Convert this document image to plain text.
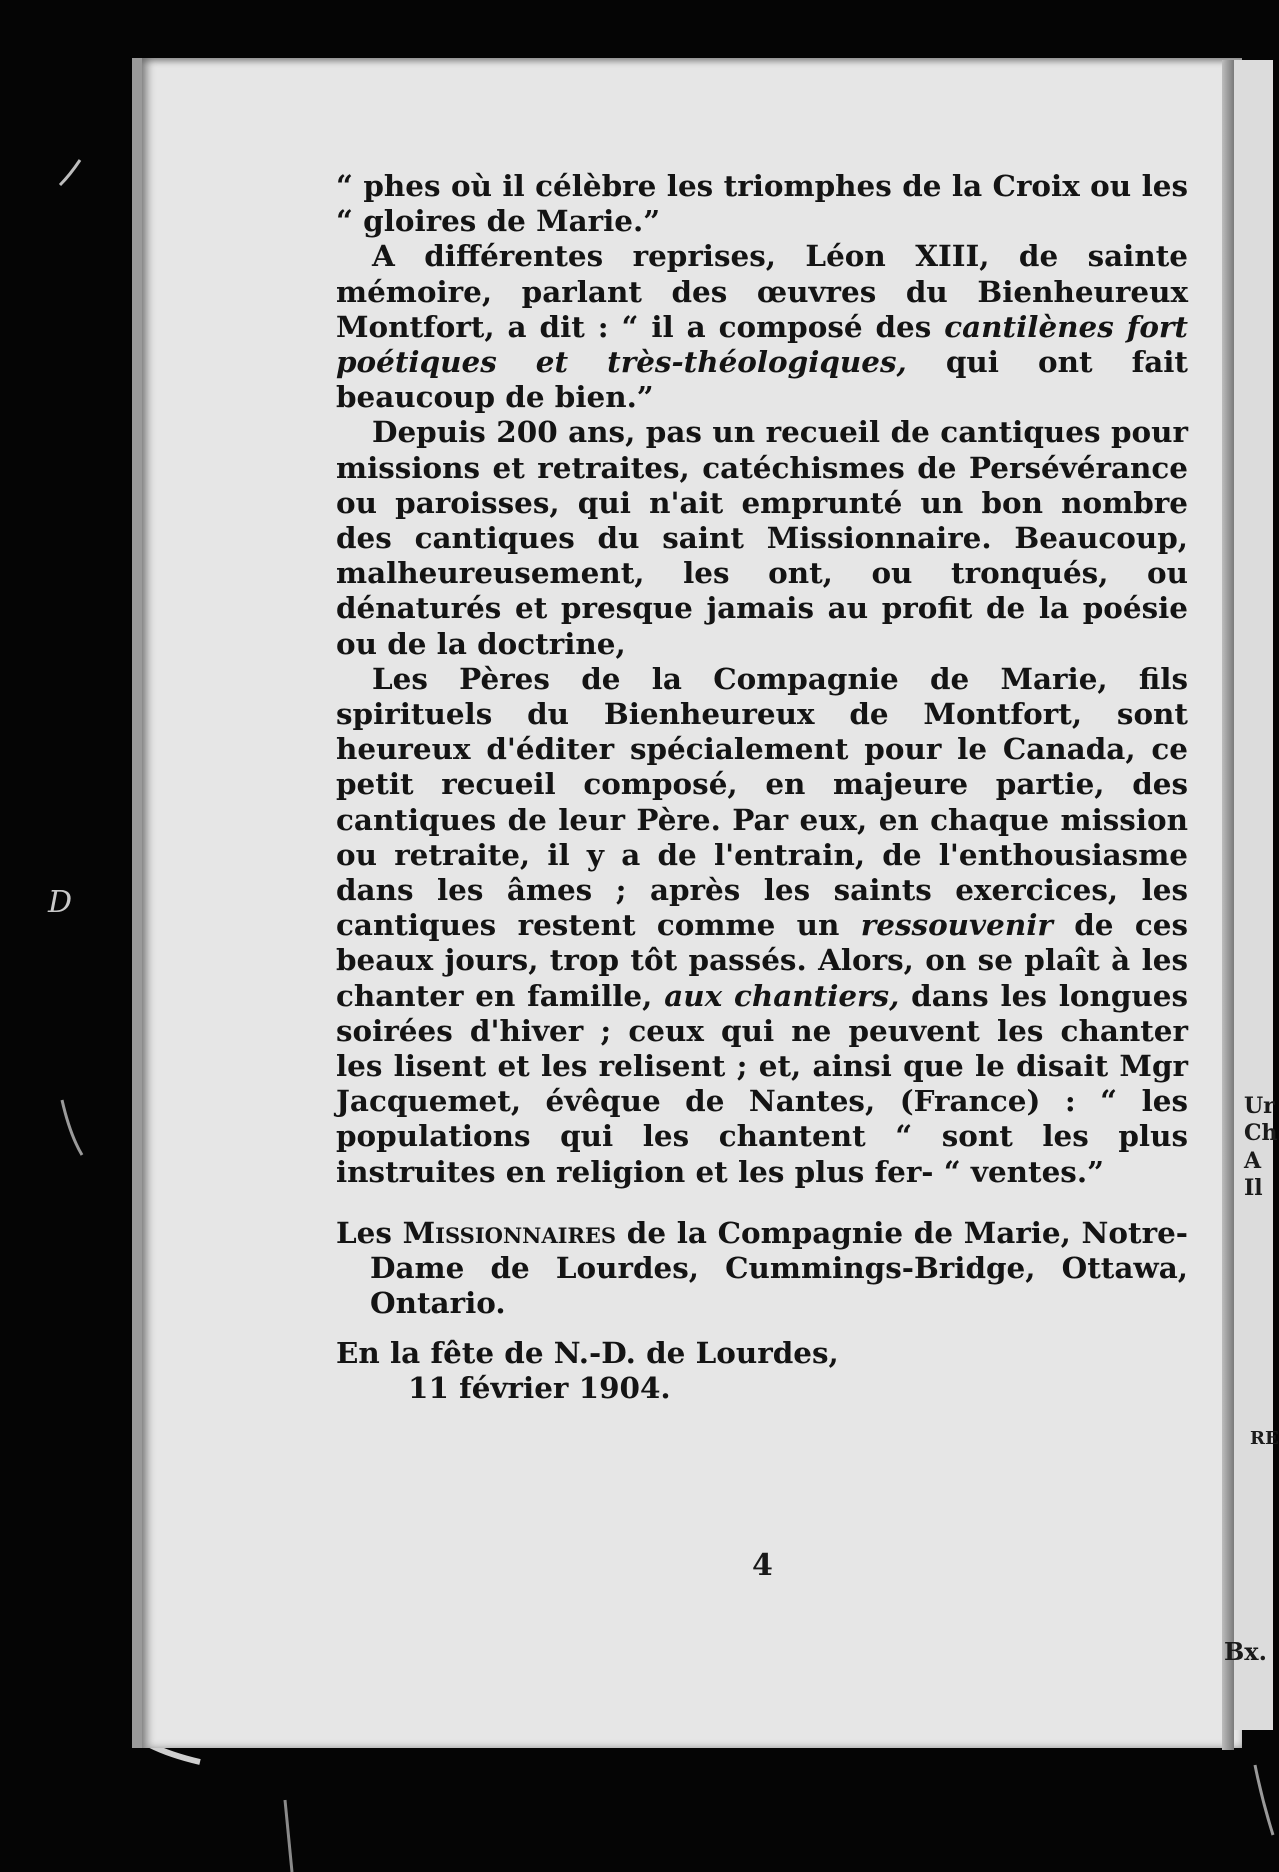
D
Ur
Ch
A
Il
RE
Bx.

“ phes où il célèbre les triomphes de la Croix ou les “ gloires de Marie.”

A différentes reprises, Léon XIII, de sainte mémoire, parlant des œuvres du Bienheureux Montfort, a dit : “ il a composé des cantilènes fort poétiques et très-théologiques, qui ont fait beaucoup de bien.”

Depuis 200 ans, pas un recueil de cantiques pour missions et retraites, catéchismes de Persévérance ou paroisses, qui n'ait emprunté un bon nombre des cantiques du saint Missionnaire. Beaucoup, malheureusement, les ont, ou tronqués, ou dénaturés et presque jamais au profit de la poésie ou de la doctrine,

Les Pères de la Compagnie de Marie, fils spirituels du Bienheureux de Montfort, sont heureux d'éditer spécialement pour le Canada, ce petit recueil composé, en majeure partie, des cantiques de leur Père. Par eux, en chaque mission ou retraite, il y a de l'entrain, de l'enthousiasme dans les âmes ; après les saints exercices, les cantiques restent comme un ressouvenir de ces beaux jours, trop tôt passés. Alors, on se plaît à les chanter en famille, aux chantiers, dans les longues soirées d'hiver ; ceux qui ne peuvent les chanter les lisent et les relisent ; et, ainsi que le disait Mgr Jacquemet, évêque de Nantes, (France) : “ les populations qui les chantent “ sont les plus instruites en religion et les plus fer- “ ventes.”

Les Missionnaires de la Compagnie de Marie, Notre-Dame de Lourdes, Cummings-Bridge, Ottawa, Ontario.

En la fête de N.-D. de Lourdes,

11 février 1904.

4
